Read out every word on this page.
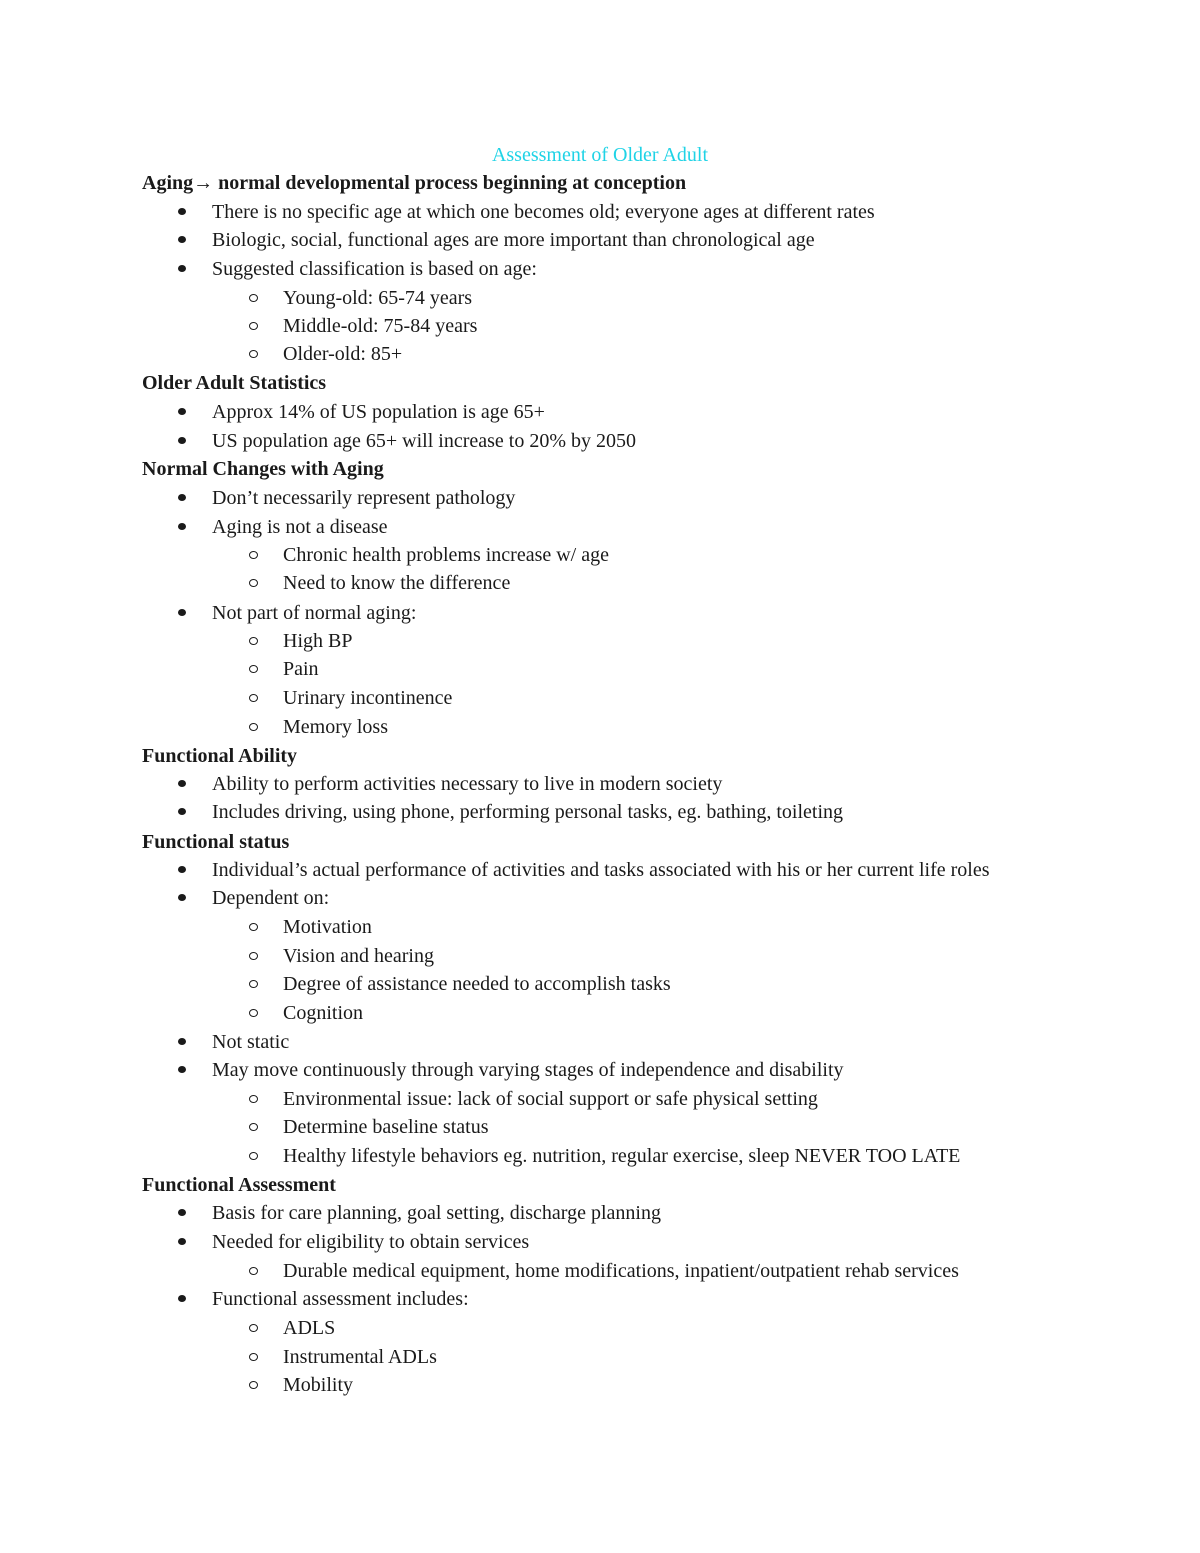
Assessment of Older Adult
Aging→ normal developmental process beginning at conception
There is no specific age at which one becomes old; everyone ages at different rates
Biologic, social, functional ages are more important than chronological age
Suggested classification is based on age:
Young-old: 65-74 years
Middle-old: 75-84 years
Older-old: 85+
Older Adult Statistics
Approx 14% of US population is age 65+
US population age 65+ will increase to 20% by 2050
Normal Changes with Aging
Don’t necessarily represent pathology
Aging is not a disease
Chronic health problems increase w/ age
Need to know the difference
Not part of normal aging:
High BP
Pain
Urinary incontinence
Memory loss
Functional Ability
Ability to perform activities necessary to live in modern society
Includes driving, using phone, performing personal tasks, eg. bathing, toileting
Functional status
Individual’s actual performance of activities and tasks associated with his or her current life roles
Dependent on:
Motivation
Vision and hearing
Degree of assistance needed to accomplish tasks
Cognition
Not static
May move continuously through varying stages of independence and disability
Environmental issue: lack of social support or safe physical setting
Determine baseline status
Healthy lifestyle behaviors eg. nutrition, regular exercise, sleep NEVER TOO LATE
Functional Assessment
Basis for care planning, goal setting, discharge planning
Needed for eligibility to obtain services
Durable medical equipment, home modifications, inpatient/outpatient rehab services
Functional assessment includes:
ADLS
Instrumental ADLs
Mobility
